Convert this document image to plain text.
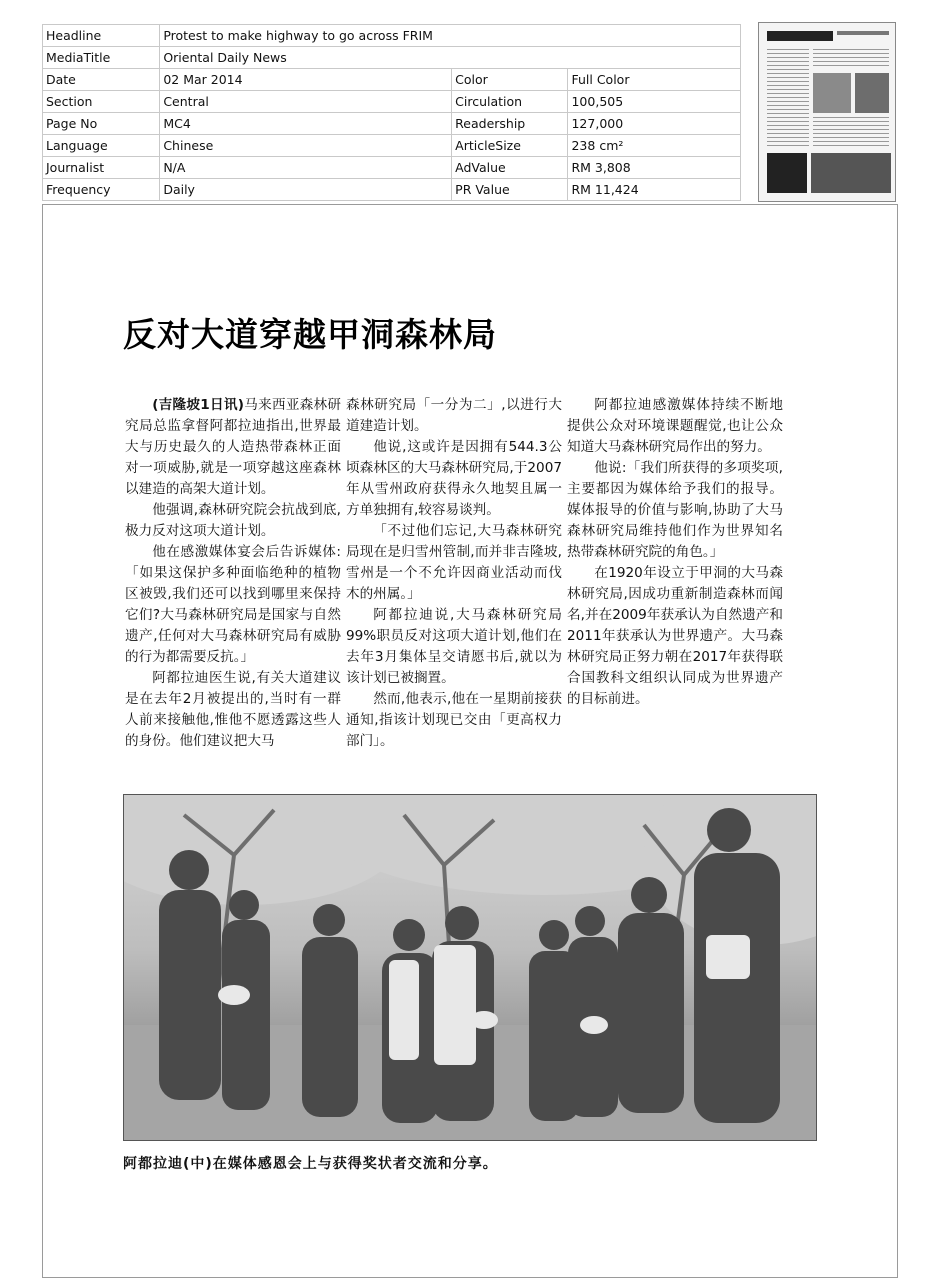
Headline	Protest to make highway to go across FRIM		
MediaTitle	Oriental Daily News		
Date	02 Mar 2014	Color	Full Color
Section	Central	Circulation	100,505
Page No	MC4	Readership	127,000
Language	Chinese	ArticleSize	238 cm²
Journalist	N/A	AdValue	RM 3,808
Frequency	Daily	PR Value	RM 11,424
反对大道穿越甲洞森林局

(吉隆坡1日讯)马来西亚森林研究局总监拿督阿都拉迪指出,世界最大与历史最久的人造热带森林正面对一项威胁,就是一项穿越这座森林以建造的高架大道计划。

他强调,森林研究院会抗战到底,极力反对这项大道计划。

他在感激媒体宴会后告诉媒体:「如果这保护多种面临绝种的植物区被毁,我们还可以找到哪里来保持它们?大马森林研究局是国家与自然遗产,任何对大马森林研究局有威胁的行为都需要反抗。」

阿都拉迪医生说,有关大道建议是在去年2月被提出的,当时有一群人前来接触他,惟他不愿透露这些人的身份。他们建议把大马

森林研究局「一分为二」,以进行大道建造计划。

他说,这或许是因拥有544.3公顷森林区的大马森林研究局,于2007年从雪州政府获得永久地契且属一方单独拥有,较容易谈判。

「不过他们忘记,大马森林研究局现在是归雪州管制,而并非吉隆坡,雪州是一个不允许因商业活动而伐木的州属。」

阿都拉迪说,大马森林研究局99%职员反对这项大道计划,他们在去年3月集体呈交请愿书后,就以为该计划已被搁置。

然而,他表示,他在一星期前接获通知,指该计划现已交由「更高权力部门」。

阿都拉迪感激媒体持续不断地提供公众对环境课题醒觉,也让公众知道大马森林研究局作出的努力。

他说:「我们所获得的多项奖项,主要都因为媒体给予我们的报导。媒体报导的价值与影响,协助了大马森林研究局维持他们作为世界知名热带森林研究院的角色。」

在1920年设立于甲洞的大马森林研究局,因成功重新制造森林而闻名,并在2009年获承认为自然遗产和2011年获承认为世界遗产。大马森林研究局正努力朝在2017年获得联合国教科文组织认同成为世界遗产的目标前进。

阿都拉迪(中)在媒体感恩会上与获得奖状者交流和分享。
